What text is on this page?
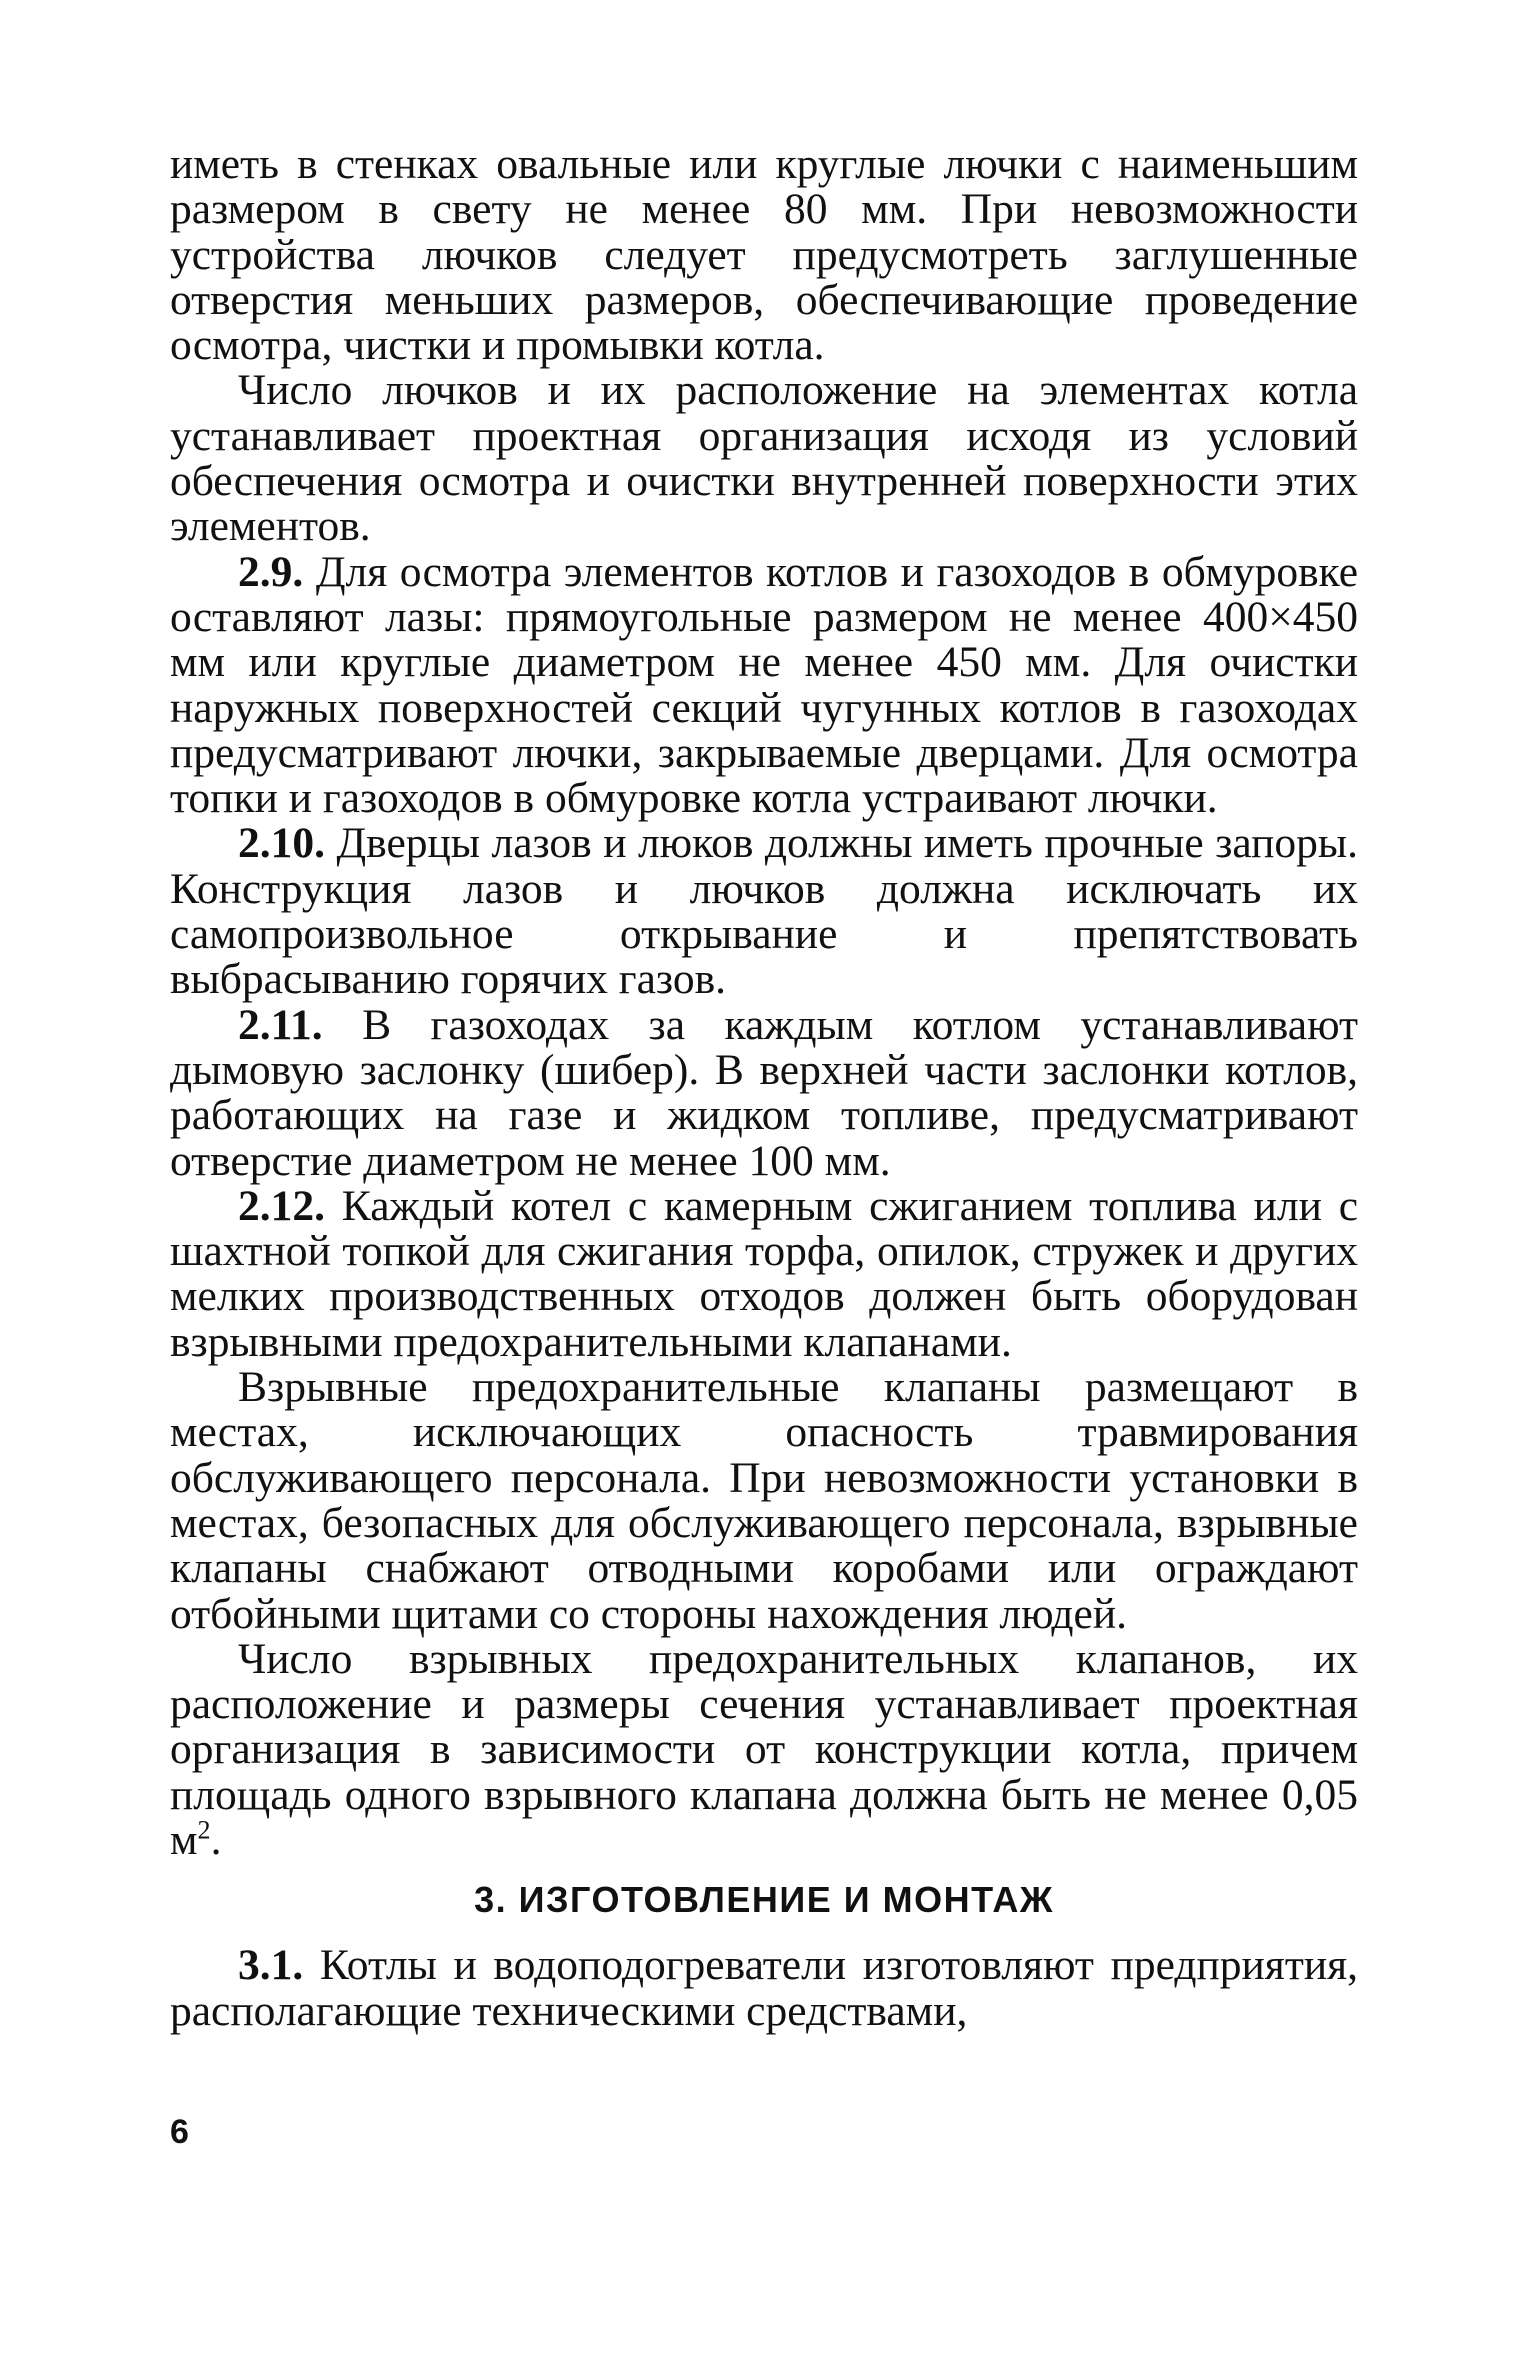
иметь в стенках овальные или круглые лючки с наименьшим размером в свету не менее 80 мм. При невозможности устройства лючков следует предусмотреть заглушенные отверстия меньших размеров, обеспечивающие проведение осмотра, чистки и промывки котла.

Число лючков и их расположение на элементах котла устанавливает проектная организация исходя из условий обеспечения осмотра и очистки внутренней поверхности этих элементов.

2.9. Для осмотра элементов котлов и газоходов в обмуровке оставляют лазы: прямоугольные размером не менее 400×450 мм или круглые диаметром не менее 450 мм. Для очистки наружных поверхностей секций чугунных котлов в газоходах предусматривают лючки, закрываемые дверцами. Для осмотра топки и газоходов в обмуровке котла устраивают лючки.

2.10. Дверцы лазов и люков должны иметь прочные запоры. Конструкция лазов и лючков должна исключать их самопроизвольное открывание и препятствовать выбрасыванию горячих газов.

2.11. В газоходах за каждым котлом устанавливают дымовую заслонку (шибер). В верхней части заслонки котлов, работающих на газе и жидком топливе, предусматривают отверстие диаметром не менее 100 мм.

2.12. Каждый котел с камерным сжиганием топлива или с шахтной топкой для сжигания торфа, опилок, стружек и других мелких производственных отходов должен быть оборудован взрывными предохранительными клапанами.

Взрывные предохранительные клапаны размещают в местах, исключающих опасность травмирования обслуживающего персонала. При невозможности установки в местах, безопасных для обслуживающего персонала, взрывные клапаны снабжают отводными коробами или ограждают отбойными щитами со стороны нахождения людей.

Число взрывных предохранительных клапанов, их расположение и размеры сечения устанавливает проектная организация в зависимости от конструкции котла, причем площадь одного взрывного клапана должна быть не менее 0,05 $м^2$.

3. ИЗГОТОВЛЕНИЕ И МОНТАЖ

3.1. Котлы и водоподогреватели изготовляют предприятия, располагающие техническими средствами,

6
